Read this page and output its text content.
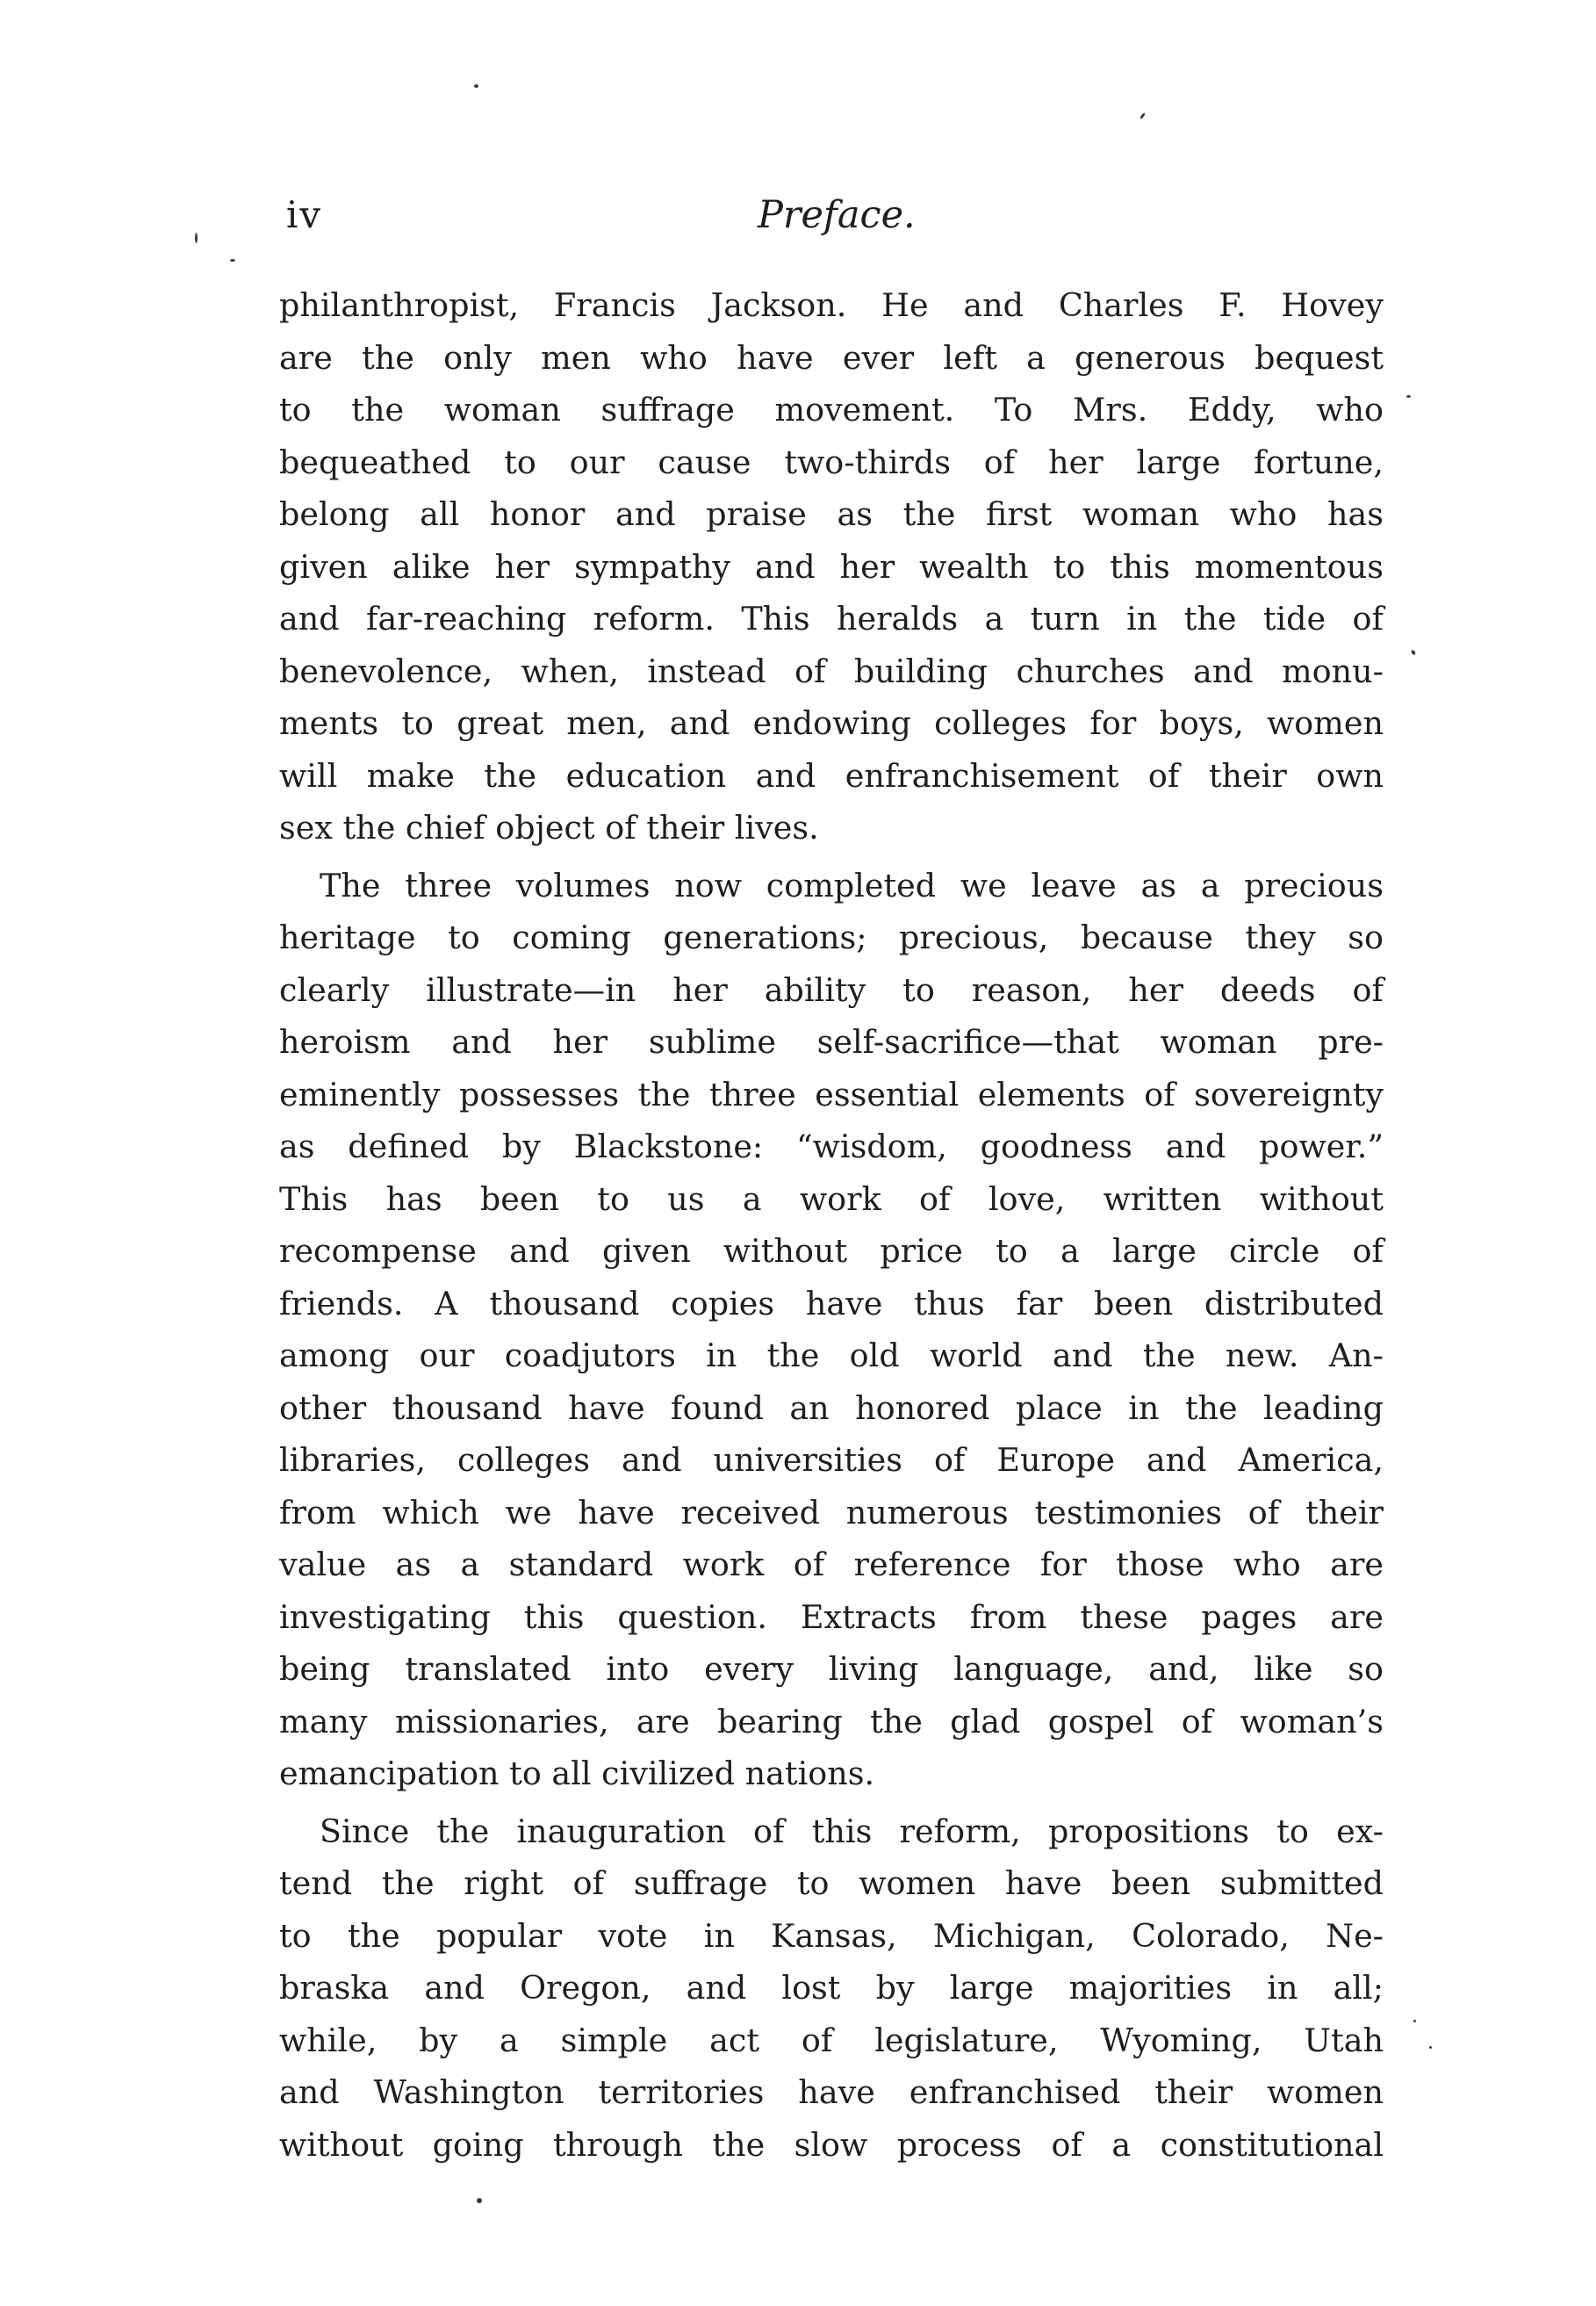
iv	Preface.
philanthropist, Francis Jackson. He and Charles F. Hovey
are the only men who have ever left a generous bequest
to the woman suffrage movement. To Mrs. Eddy, who
bequeathed to our cause two-thirds of her large fortune,
belong all honor and praise as the first woman who has
given alike her sympathy and her wealth to this momentous
and far-reaching reform. This heralds a turn in the tide of
benevolence, when, instead of building churches and monu-
ments to great men, and endowing colleges for boys, women
will make the education and enfranchisement of their own
sex the chief object of their lives.
The three volumes now completed we leave as a precious
heritage to coming generations; precious, because they so
clearly illustrate—in her ability to reason, her deeds of
heroism and her sublime self-sacrifice—that woman pre-
eminently possesses the three essential elements of sovereignty
as defined by Blackstone: “wisdom, goodness and power.”
This has been to us a work of love, written without
recompense and given without price to a large circle of
friends. A thousand copies have thus far been distributed
among our coadjutors in the old world and the new. An-
other thousand have found an honored place in the leading
libraries, colleges and universities of Europe and America,
from which we have received numerous testimonies of their
value as a standard work of reference for those who are
investigating this question. Extracts from these pages are
being translated into every living language, and, like so
many missionaries, are bearing the glad gospel of woman’s
emancipation to all civilized nations.
Since the inauguration of this reform, propositions to ex-
tend the right of suffrage to women have been submitted
to the popular vote in Kansas, Michigan, Colorado, Ne-
braska and Oregon, and lost by large majorities in all;
while, by a simple act of legislature, Wyoming, Utah
and Washington territories have enfranchised their women
without going through the slow process of a constitutional
